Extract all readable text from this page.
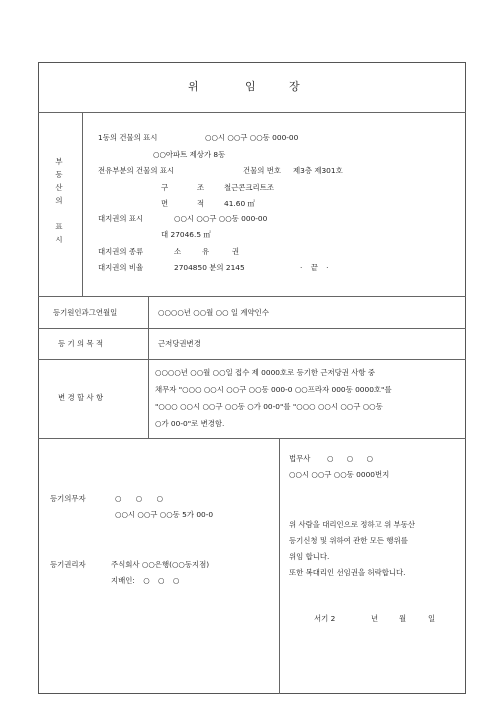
위	임	장
부
동
산
의
표
시
1동의 건물의 표시	○○시 ○○구 ○○동 000-00
○○아파트 제상가 8동
전유부분의 건물의 표시	건물의 번호 제3층 제301호
구	조	철근콘크리트조
면	적	41.60 ㎡
대지권의 표시	○○시 ○○구 ○○동 000-00
대 27046.5 ㎡
대지권의 종류	소	유	권
대지권의 비율	2704850 분의 2145	· 끝 ·
등기원인과그연월일	○○○○년 ○○월 ○○ 일 계약인수
등 기 의 목 적	근저당권변경
변 경 할 사 항
○○○○년 ○○월 ○○일 접수 제 0000호로 등기한 근저당권 사항 중
채무자 "○○○ ○○시 ○○구 ○○동 000-0 ○○프라자 000동 0000호"를
"○○○ ○○시 ○○구 ○○동 ○가 00-0"를 "○○○ ○○시 ○○구 ○○동
○가 00-0"로 변경함.
등기의무자	○ ○ ○
○○시 ○○구 ○○동 5가 00-0
등기권리자	주식회사 ○○은행(○○동지점)
지배인: ○ ○ ○
법무사 ○ ○ ○
○○시 ○○구 ○○동 0000번지
위 사람을 대리인으로 정하고 위 부동산
등기신청 및 위하여 관한 모든 행위를
위임 합니다.
또한 복대리인 선임권을 허락합니다.
서기 2	년	월	일
